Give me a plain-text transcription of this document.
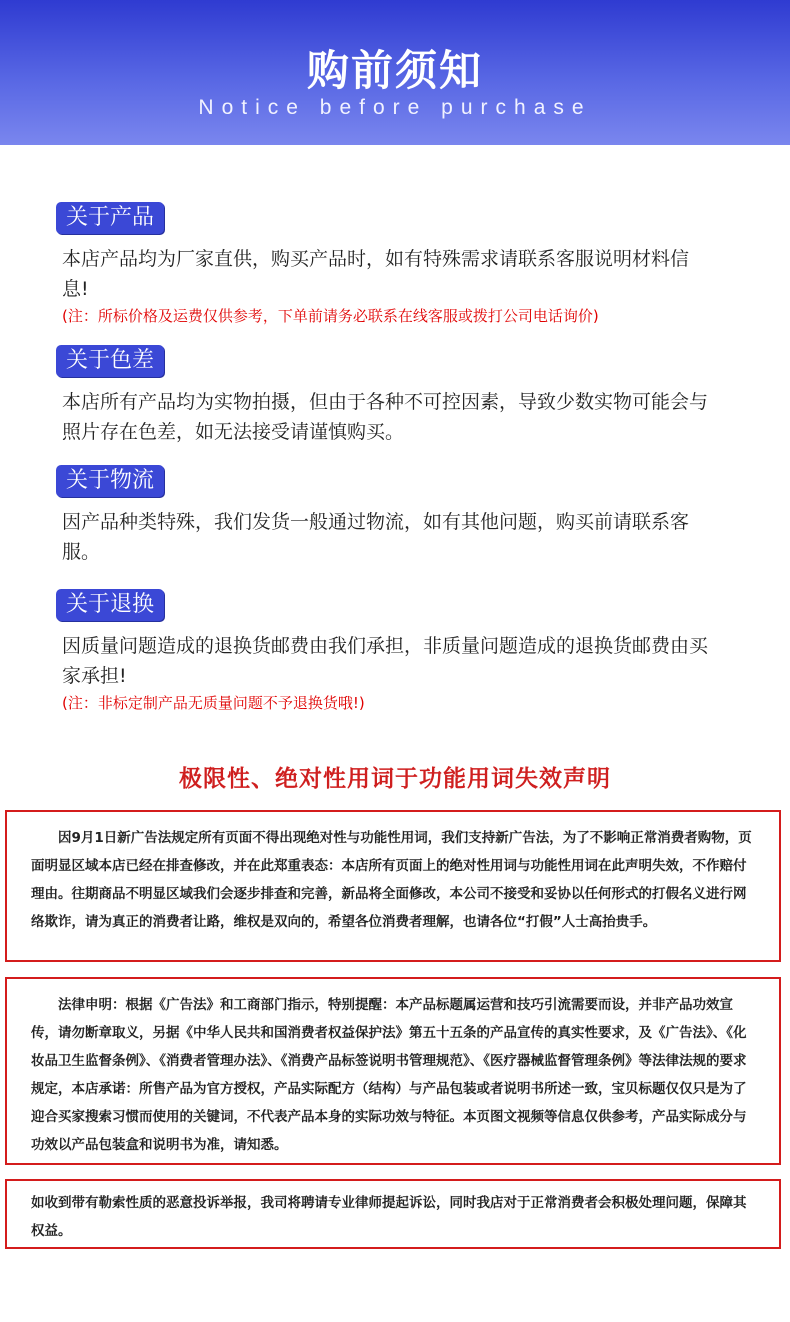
购前须知
Notice before purchase
关于产品
本店产品均为厂家直供，购买产品时，如有特殊需求请联系客服说明材料信息!
(注：所标价格及运费仅供参考，下单前请务必联系在线客服或拨打公司电话询价)
关于色差
本店所有产品均为实物拍摄，但由于各种不可控因素，导致少数实物可能会与照片存在色差，如无法接受请谨慎购买。
关于物流
因产品种类特殊，我们发货一般通过物流，如有其他问题，购买前请联系客服。
关于退换
因质量问题造成的退换货邮费由我们承担，非质量问题造成的退换货邮费由买家承担!
(注：非标定制产品无质量问题不予退换货哦!)
极限性、绝对性用词于功能用词失效声明

因9月1日新广告法规定所有页面不得出现绝对性与功能性用词，我们支持新广告法，为了不影响正常消费者购物，页面明显区域本店已经在排查修改，并在此郑重表态：本店所有页面上的绝对性用词与功能性用词在此声明失效，不作赔付理由。往期商品不明显区域我们会逐步排查和完善，新品将全面修改，本公司不接受和妥协以任何形式的打假名义进行网络欺诈，请为真正的消费者让路，维权是双向的，希望各位消费者理解，也请各位“打假”人士高抬贵手。

法律申明：根据《广告法》和工商部门指示，特别提醒：本产品标题属运营和技巧引流需要而设，并非产品功效宣传，请勿断章取义，另据《中华人民共和国消费者权益保护法》第五十五条的产品宣传的真实性要求，及《广告法》、《化妆品卫生监督条例》、《消费者管理办法》、《消费产品标签说明书管理规范》、《医疗器械监督管理条例》等法律法规的要求规定，本店承诺：所售产品为官方授权，产品实际配方（结构）与产品包装或者说明书所述一致，宝贝标题仅仅只是为了迎合买家搜索习惯而使用的关键词，不代表产品本身的实际功效与特征。本页图文视频等信息仅供参考，产品实际成分与功效以产品包装盒和说明书为准，请知悉。

如收到带有勒索性质的恶意投诉举报，我司将聘请专业律师提起诉讼，同时我店对于正常消费者会积极处理问题，保障其权益。
